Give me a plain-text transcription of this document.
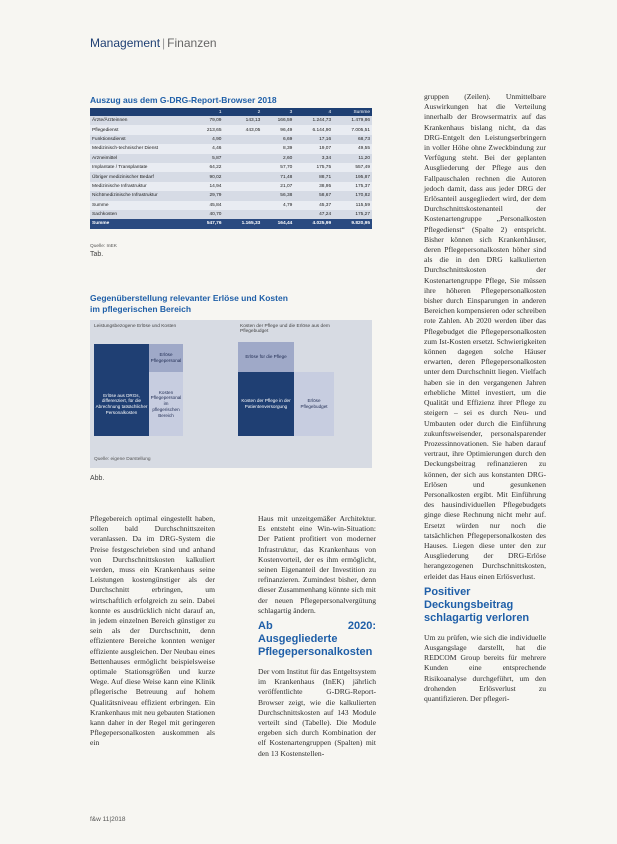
Management | Finanzen
Auszug aus dem G-DRG-Report-Browser 2018
	1	2	3	4	Summe
Ärzte/Ärzteinnen	79,09	143,13	166,59	1.244,73	1.479,86
Pflegedienst	213,65	443,05	96,49	6.144,90	7.005,51
Funktionsdienst	4,90		6,69	17,16	68,73
Medizinisch-technischer Dienst	4,46		8,39	19,07	49,55
Arzneimittel	5,87		2,60	3,34	11,20
Implantate / Transplantate	64,22		57,70	175,75	557,49
Übriger medizinischer Bedarf	90,02		71,48	88,71	195,87
Medizinische Infrastruktur	14,94		21,07	38,95	175,37
Nichtmedizinische Infrastruktur	29,79		56,38	58,67	170,82
Summe	45,84		4,79	45,37	115,59
Sachkosten	40,70			47,24	175,27
Summe	547,76	1.165,33	164,44	4.025,99	9.820,95
Quelle: InEK
Tab.
Gegenüberstellung relevanter Erlöse und Kosten
im pflegerischen Bereich
Leistungsbezogene Erlöse und Kosten	Kosten der Pflege und die Erlöse aus dem Pflegebudget
Erlöse aus DRGs, differenziert, für die Abrechnung tatsächlicher Personalkosten
Erlöse Pflegepersonal
Kosten Pflegepersonal im pflegerischen Bereich
Erlöse für die Pflege
Kosten der Pflege in der Patientenversorgung
Erlöse Pflegebudget
Quelle: eigene Darstellung
Abb.

Pflegebereich optimal eingestellt haben, sollen bald Durchschnittszeiten veranlassen. Da im DRG-System die Preise festgeschrieben sind und anhand von Durchschnittskosten kalkuliert werden, muss ein Krankenhaus seine Leistungen kostengünstiger als der Durchschnitt erbringen, um wirtschaftlich erfolgreich zu sein. Dabei konnte es ausdrücklich nicht darauf an, in jedem einzelnen Bereich günstiger zu sein als der Durchschnitt, denn effizientere Bereiche konnten weniger effiziente ausgleichen. Der Neubau eines Bettenhauses ermöglicht beispielsweise optimale Stationsgrößen und kurze Wege. Auf diese Weise kann eine Klinik pflegerische Betreuung auf hohem Qualitätsniveau effizient erbringen. Ein Krankenhaus mit neu gebauten Stationen kann daher in der Regel mit geringeren Pflegepersonalkosten auskommen als ein

Haus mit unzeitgemäßer Architektur. Es entsteht eine Win-win-Situation: Der Patient profitiert von moderner Infrastruktur, das Krankenhaus von Kostenvorteil, der es ihm ermöglicht, seinen Eigenanteil der Investition zu refinanzieren. Zumindest bisher, denn dieser Zusammenhang könnte sich mit der neuen Pflegepersonalvergütung schlagartig ändern.

Ab 2020: Ausgegliederte Pflegepersonalkosten

Der vom Institut für das Entgeltsystem im Krankenhaus (InEK) jährlich veröffentlichte G-DRG-Report-Browser zeigt, wie die kalkulierten Durchschnittskosten auf 143 Module verteilt sind (Tabelle). Die Module ergeben sich durch Kombination der elf Kostenartengruppen (Spalten) mit den 13 Kostenstellen-

gruppen (Zeilen). Unmittelbare Auswirkungen hat die Verteilung innerhalb der Browsermatrix auf das Krankenhaus bislang nicht, da das DRG-Entgelt den Leistungserbringern in voller Höhe ohne Zweckbindung zur Verfügung steht. Bei der geplanten Ausgliederung der Pflege aus den Fallpauschalen rechnen die Autoren jedoch damit, dass aus jeder DRG der Erlösanteil ausgegliedert wird, der dem Durchschnittskostenanteil der Kostenartengruppe „Personalkosten Pflegedienst“ (Spalte 2) entspricht. Bisher können sich Krankenhäuser, deren Pflegepersonalkosten höher sind als die in den DRG kalkulierten Durchschnittskosten der Kostenartengruppe Pflege, Sie müssen ihre höheren Pflegepersonalkosten bisher durch Einsparungen in anderen Bereichen kompensieren oder schreiben rote Zahlen. Ab 2020 werden über das Pflegebudget die Pflegepersonalkosten zum Ist-Kosten ersetzt. Schwierigkeiten können dagegen solche Häuser erwarten, deren Pflegepersonalkosten unter dem Durchschnitt liegen. Vielfach haben sie in den vergangenen Jahren erhebliche Mittel investiert, um die Qualität und Effizienz ihrer Pflege zu steigern – sei es durch Neu- und Umbauten oder durch die Einführung zukunftsweisender, personalsparender Prozessinnovationen. Sie haben darauf vertraut, ihre Optimierungen durch den Deckungsbeitrag refinanzieren zu können, der sich aus konstanten DRG-Erlösen und gesunkenen Personalkosten ergibt. Mit Einführung des hausindividuellen Pflegebudgets ginge diese Rechnung nicht mehr auf. Ersetzt würden nur noch die tatsächlichen Pflegepersonalkosten des Hauses. Liegen diese unter den zur Ausgliederung der DRG-Erlöse herangezogenen Durchschnittskosten, erleidet das Haus einen Erlösverlust.

Positiver Deckungsbeitrag schlagartig verloren

Um zu prüfen, wie sich die individuelle Ausgangslage darstellt, hat die REDCOM Group bereits für mehrere Kunden eine entsprechende Risikoanalyse durchgeführt, um den drohenden Erlösverlust zu quantifizieren. Der pflegeri-

f&w 11|2018
